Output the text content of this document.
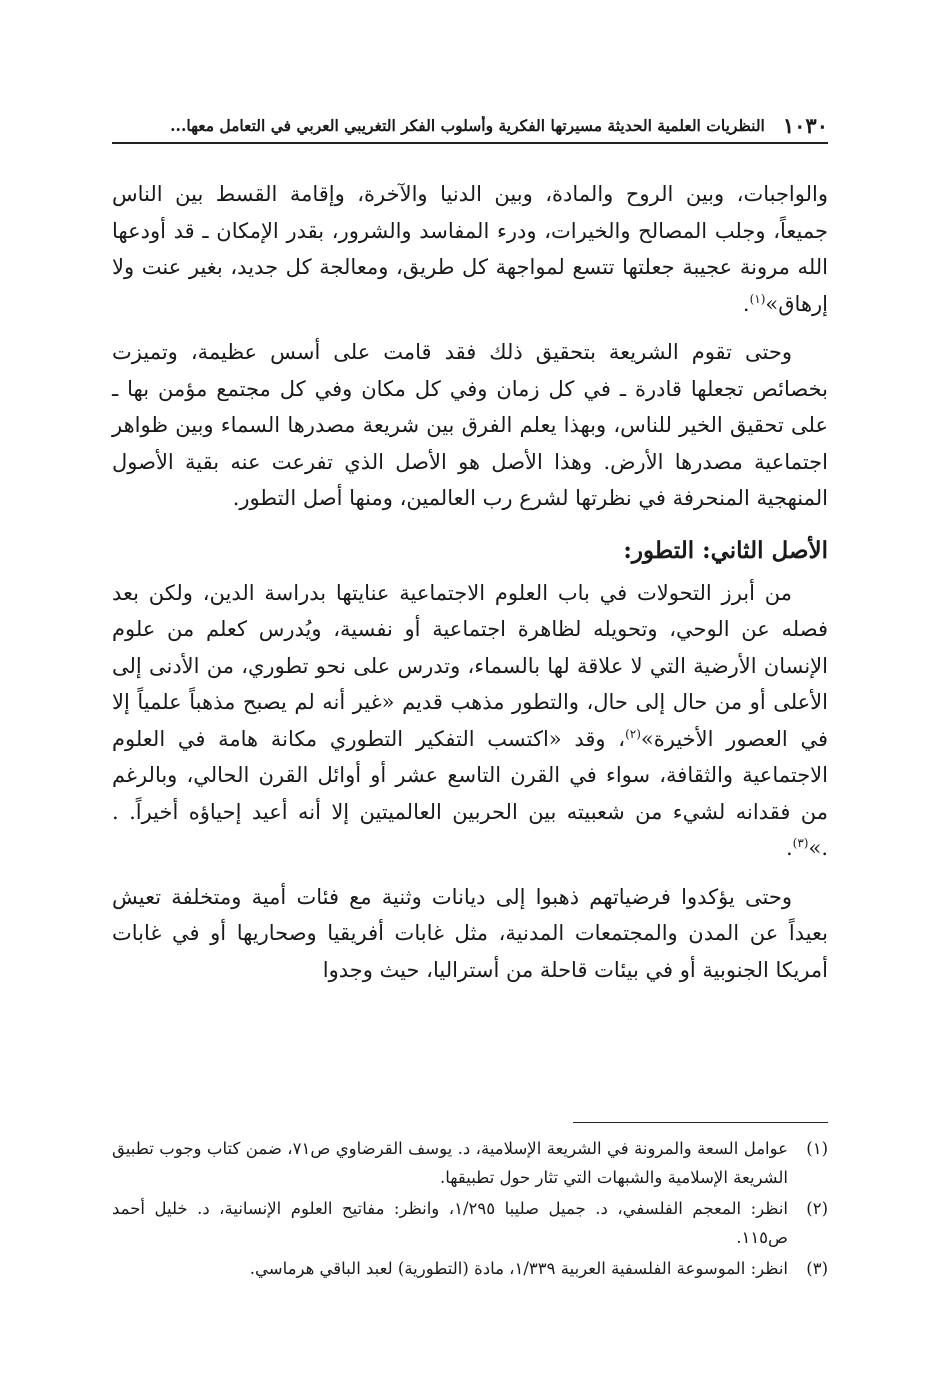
١٠٣٠
النظريات العلمية الحديثة مسيرتها الفكرية وأسلوب الفكر التغريبي العربي في التعامل معها...

والواجبات، وبين الروح والمادة، وبين الدنيا والآخرة، وإقامة القسط بين الناس جميعاً، وجلب المصالح والخيرات، ودرء المفاسد والشرور، بقدر الإمكان ـ قد أودعها الله مرونة عجيبة جعلتها تتسع لمواجهة كل طريق، ومعالجة كل جديد، بغير عنت ولا إرهاق»$^{(١)}$.

وحتى تقوم الشريعة بتحقيق ذلك فقد قامت على أسس عظيمة، وتميزت بخصائص تجعلها قادرة ـ في كل زمان وفي كل مكان وفي كل مجتمع مؤمن بها ـ على تحقيق الخير للناس، وبهذا يعلم الفرق بين شريعة مصدرها السماء وبين ظواهر اجتماعية مصدرها الأرض. وهذا الأصل هو الأصل الذي تفرعت عنه بقية الأصول المنهجية المنحرفة في نظرتها لشرع رب العالمين، ومنها أصل التطور.

الأصل الثاني: التطور:

من أبرز التحولات في باب العلوم الاجتماعية عنايتها بدراسة الدين، ولكن بعد فصله عن الوحي، وتحويله لظاهرة اجتماعية أو نفسية، ويُدرس كعلم من علوم الإنسان الأرضية التي لا علاقة لها بالسماء، وتدرس على نحو تطوري، من الأدنى إلى الأعلى أو من حال إلى حال، والتطور مذهب قديم «غير أنه لم يصبح مذهباً علمياً إلا في العصور الأخيرة»$^{(٢)}$، وقد «اكتسب التفكير التطوري مكانة هامة في العلوم الاجتماعية والثقافة، سواء في القرن التاسع عشر أو أوائل القرن الحالي، وبالرغم من فقدانه لشيء من شعبيته بين الحربين العالميتين إلا أنه أعيد إحياؤه أخيراً. . .»$^{(٣)}$.

وحتى يؤكدوا فرضياتهم ذهبوا إلى ديانات وثنية مع فئات أمية ومتخلفة تعيش بعيداً عن المدن والمجتمعات المدنية، مثل غابات أفريقيا وصحاريها أو في غابات أمريكا الجنوبية أو في بيئات قاحلة من أستراليا، حيث وجدوا

(١)
عوامل السعة والمرونة في الشريعة الإسلامية، د. يوسف القرضاوي ص٧١، ضمن كتاب وجوب تطبيق الشريعة الإسلامية والشبهات التي تثار حول تطبيقها.
(٢)
انظر: المعجم الفلسفي، د. جميل صليبا ١/٢٩٥، وانظر: مفاتيح العلوم الإنسانية، د. خليل أحمد ص١١٥.
(٣)
انظر: الموسوعة الفلسفية العربية ١/٣٣٩، مادة (التطورية) لعبد الباقي هرماسي.
